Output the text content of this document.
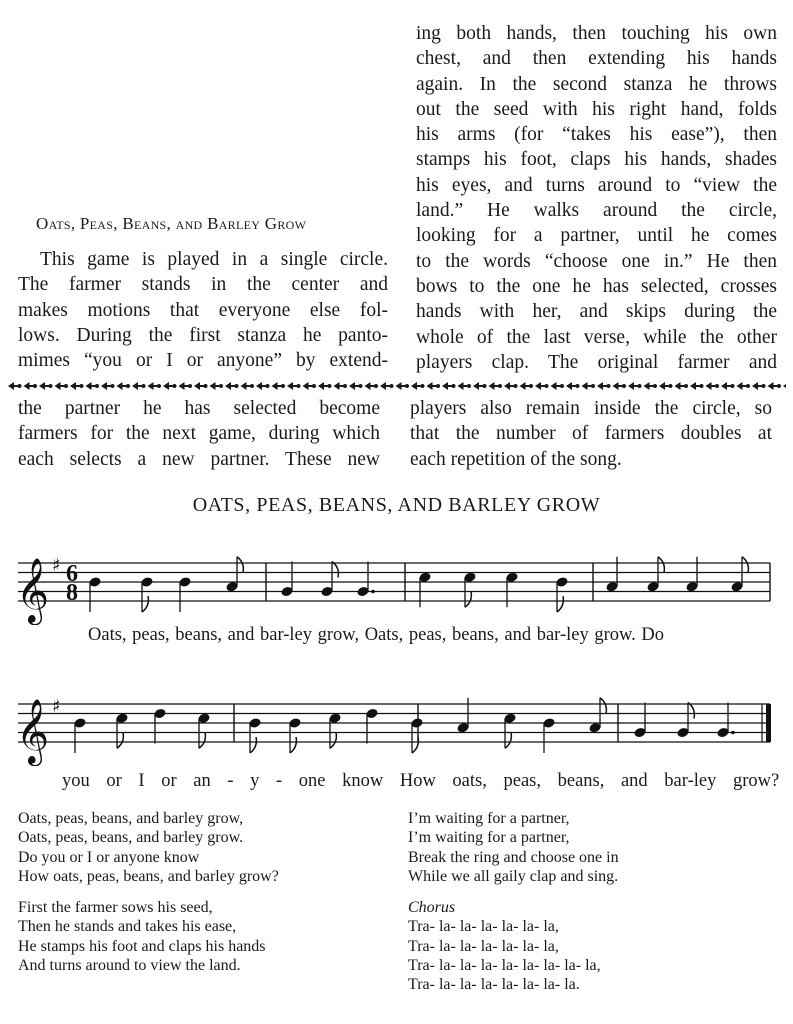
Oats, Peas, Beans, and Barley Grow
This game is played in a single circle.
The farmer stands in the center and
makes motions that everyone else fol-
lows. During the first stanza he panto-
mimes “you or I or anyone” by extend-
ing both hands, then touching his own
chest, and then extending his hands
again. In the second stanza he throws
out the seed with his right hand, folds
his arms (for “takes his ease”), then
stamps his foot, claps his hands, shades
his eyes, and turns around to “view the
land.” He walks around the circle,
looking for a partner, until he comes
to the words “choose one in.” He then
bows to the one he has selected, crosses
hands with her, and skips during the
whole of the last verse, while the other
players clap. The original farmer and
the partner he has selected become
farmers for the next game, during which
each selects a new partner. These new
players also remain inside the circle, so
that the number of farmers doubles at
each repetition of the song.
OATS, PEAS, BEANS, AND BARLEY GROW
𝄞 ♯ 6
8
Oats, peas, beans, and bar-ley grow, Oats, peas, beans, and bar-ley grow. Do
𝄞 ♯
you or I or an - y - one know How oats, peas, beans, and bar-ley grow?
Oats, peas, beans, and barley grow,
Oats, peas, beans, and barley grow.
Do you or I or anyone know
How oats, peas, beans, and barley grow?
First the farmer sows his seed,
Then he stands and takes his ease,
He stamps his foot and claps his hands
And turns around to view the land.
I’m waiting for a partner,
I’m waiting for a partner,
Break the ring and choose one in
While we all gaily clap and sing.
Chorus
Tra- la- la- la- la- la- la,
Tra- la- la- la- la- la- la,
Tra- la- la- la- la- la- la- la- la,
Tra- la- la- la- la- la- la- la.
